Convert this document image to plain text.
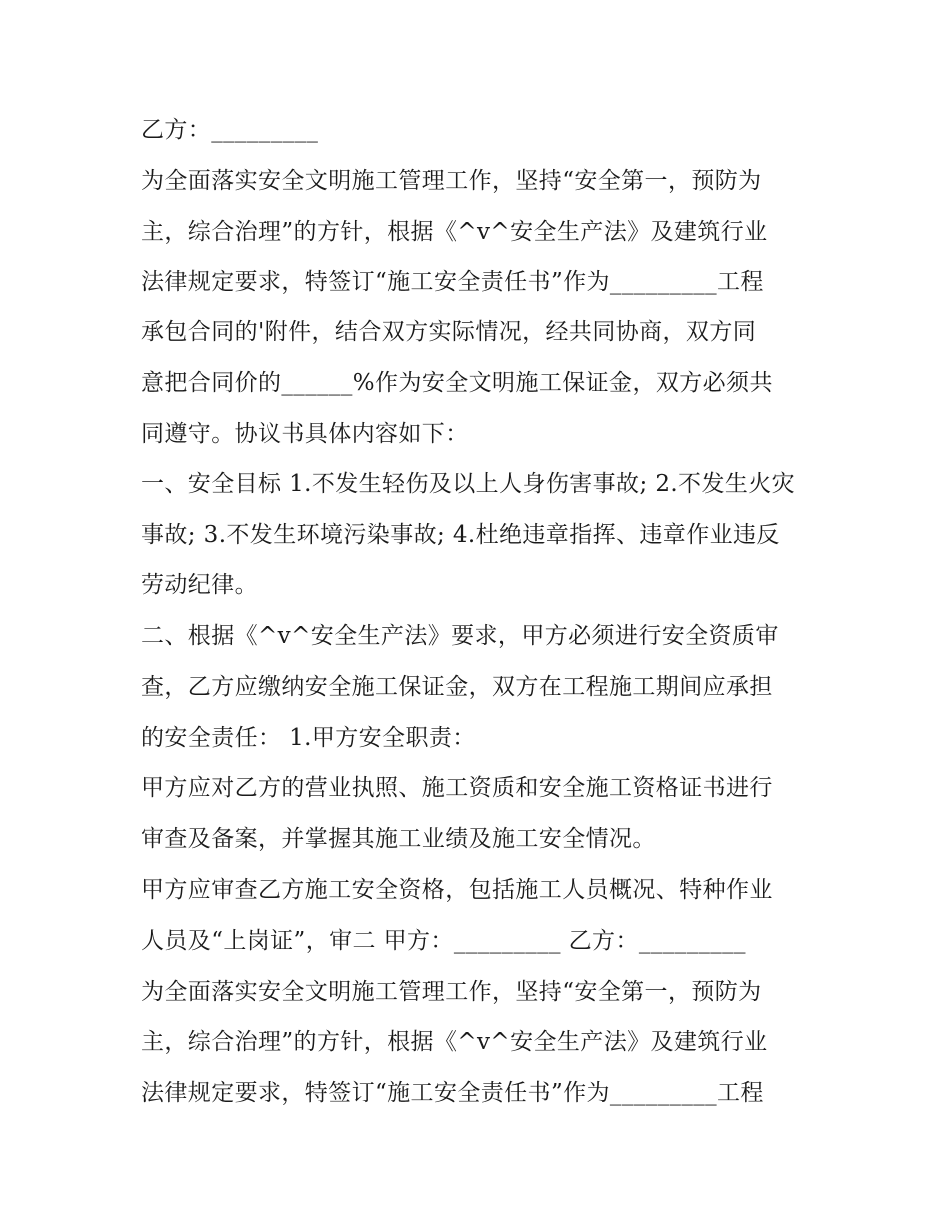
乙方：_________
为全面落实安全文明施工管理工作，坚持“安全第一，预防为
主，综合治理”的方针，根据《^v^安全生产法》及建筑行业
法律规定要求，特签订“施工安全责任书”作为_________工程
承包合同的'附件，结合双方实际情况，经共同协商，双方同
意把合同价的______%作为安全文明施工保证金，双方必须共
同遵守。协议书具体内容如下：
一、安全目标 1.不发生轻伤及以上人身伤害事故; 2.不发生火灾
事故; 3.不发生环境污染事故; 4.杜绝违章指挥、违章作业违反
劳动纪律。
二、根据《^v^安全生产法》要求，甲方必须进行安全资质审
查，乙方应缴纳安全施工保证金，双方在工程施工期间应承担
的安全责任： 1.甲方安全职责：
甲方应对乙方的营业执照、施工资质和安全施工资格证书进行
审查及备案，并掌握其施工业绩及施工安全情况。
甲方应审查乙方施工安全资格，包括施工人员概况、特种作业
人员及“上岗证”，审二 甲方：_________ 乙方：_________
为全面落实安全文明施工管理工作，坚持“安全第一，预防为
主，综合治理”的方针，根据《^v^安全生产法》及建筑行业
法律规定要求，特签订“施工安全责任书”作为_________工程
